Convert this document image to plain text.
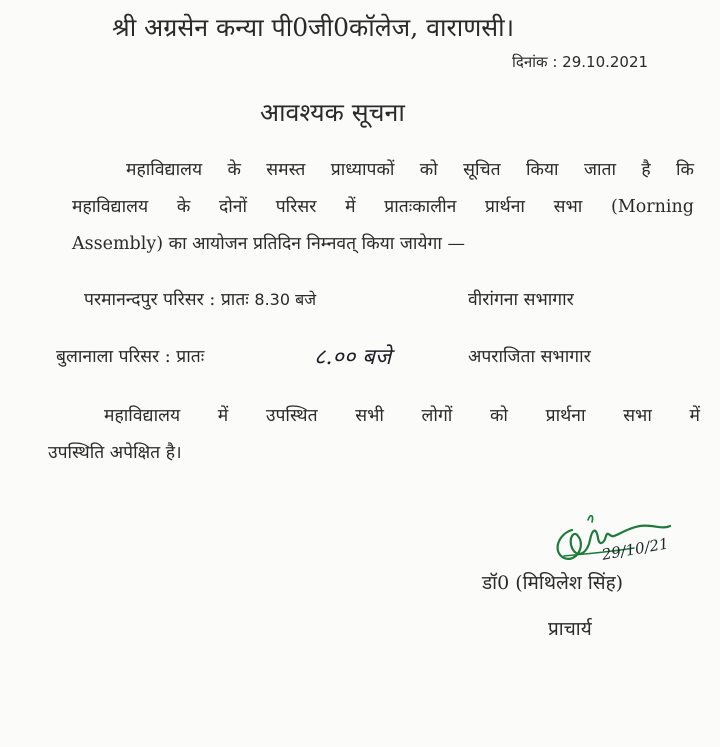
श्री अग्रसेन कन्या पी0जी0कॉलेज, वाराणसी।
दिनांक : 29.10.2021
आवश्यक सूचना
महाविद्यालय के समस्त प्राध्यापकों को सूचित किया जाता है कि
महाविद्यालय के दोनों परिसर में प्रातःकालीन प्रार्थना सभा (Morning
Assembly) का आयोजन प्रतिदिन निम्नवत् किया जायेगा —
परमानन्दपुर परिसर : प्रातः 8.30 बजे	वीरांगना सभागार
बुलानाला परिसर : प्रातः	८.०० बजे	अपराजिता सभागार
महाविद्यालय में उपस्थित सभी लोगों को प्रार्थना सभा में
उपस्थिति अपेक्षित है।
29/10/21
डॉ0 (मिथिलेश सिंह)
प्राचार्य
